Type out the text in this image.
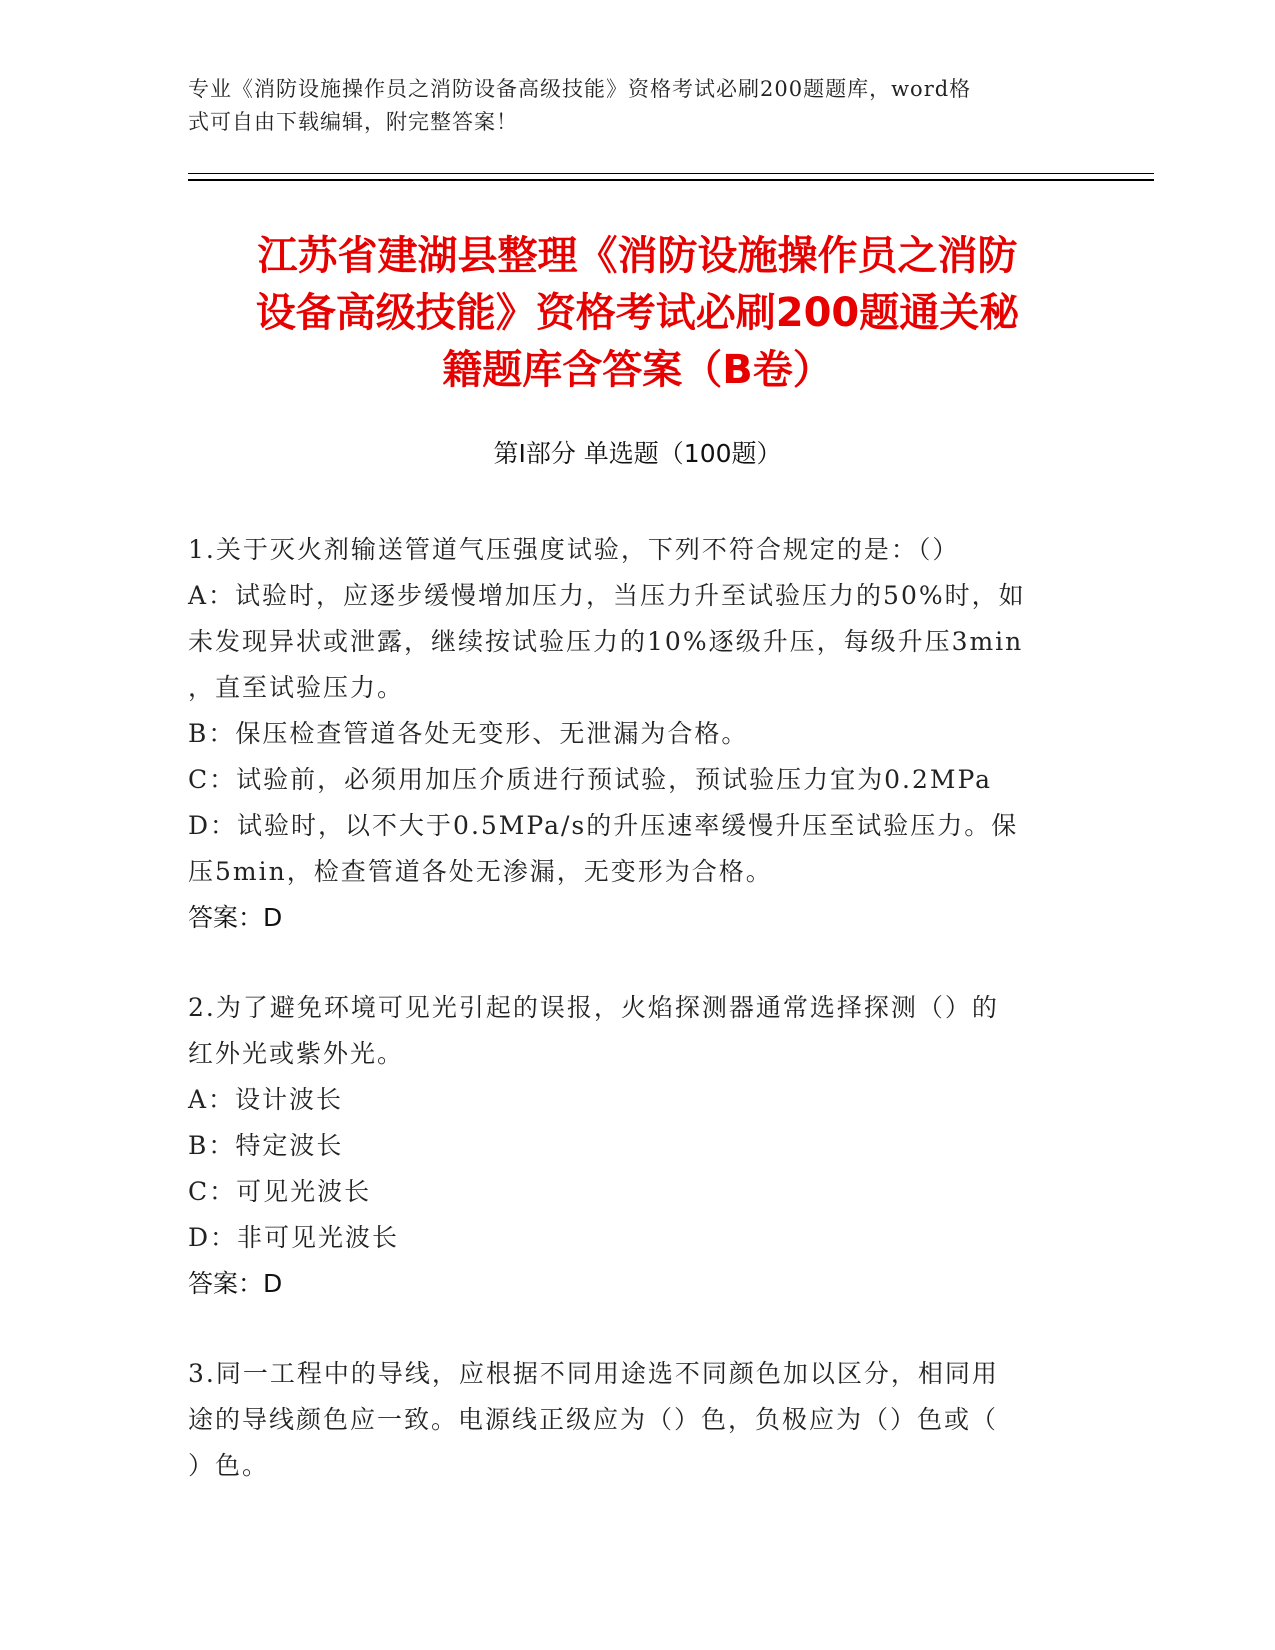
专业《消防设施操作员之消防设备高级技能》资格考试必刷200题题库，word格
式可自由下载编辑，附完整答案！
江苏省建湖县整理《消防设施操作员之消防
设备高级技能》资格考试必刷200题通关秘
籍题库含答案（B卷）
第Ⅰ部分 单选题（100题）
1.关于灭火剂输送管道气压强度试验，下列不符合规定的是：（）
A：试验时，应逐步缓慢增加压力，当压力升至试验压力的50%时，如
未发现异状或泄露，继续按试验压力的10%逐级升压，每级升压3min
，直至试验压力。
B：保压检查管道各处无变形、无泄漏为合格。
C：试验前，必须用加压介质进行预试验，预试验压力宜为0.2MPa
D：试验时，以不大于0.5MPa/s的升压速率缓慢升压至试验压力。保
压5min，检查管道各处无渗漏，无变形为合格。
答案：D
2.为了避免环境可见光引起的误报，火焰探测器通常选择探测（）的
红外光或紫外光。
A：设计波长
B：特定波长
C：可见光波长
D：非可见光波长
答案：D
3.同一工程中的导线，应根据不同用途选不同颜色加以区分，相同用
途的导线颜色应一致。电源线正级应为（）色，负极应为（）色或（
）色。
